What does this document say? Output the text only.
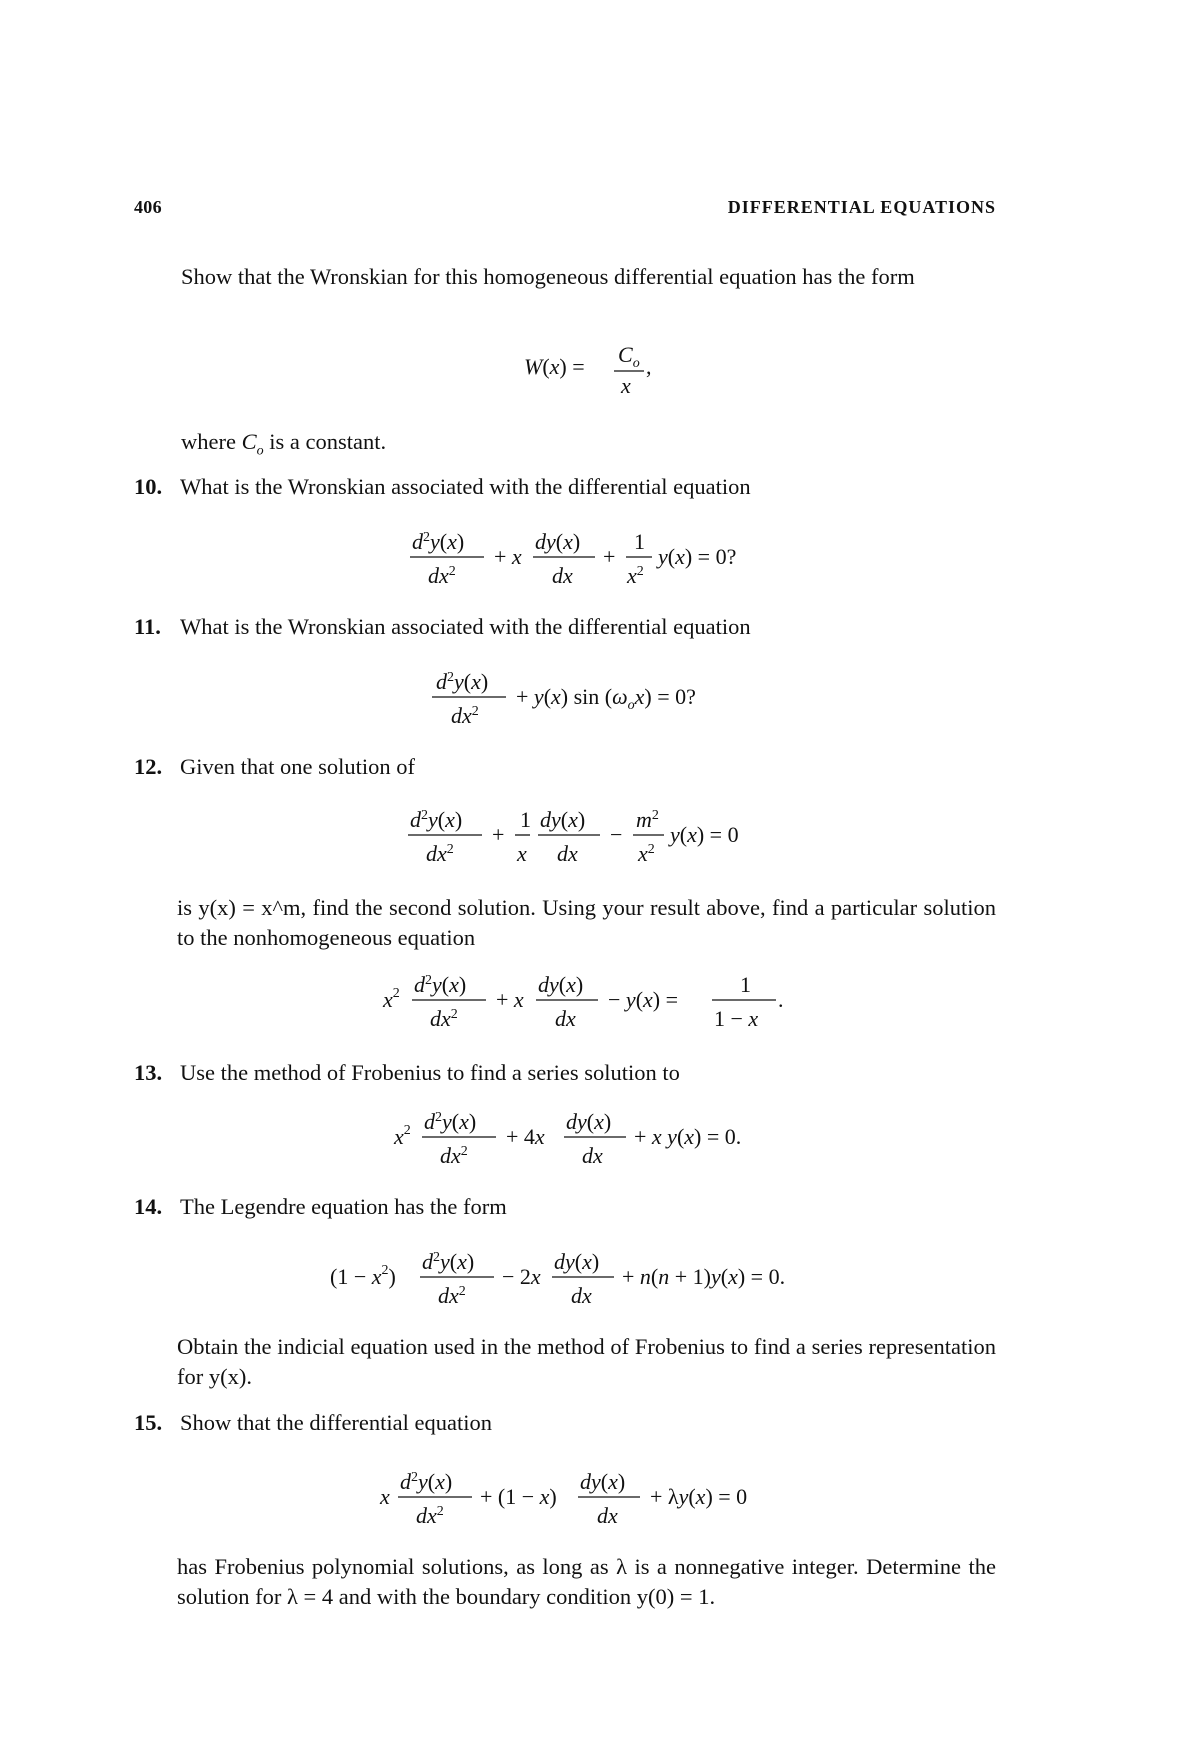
406	DIFFERENTIAL EQUATIONS
Show that the Wronskian for this homogeneous differential equation has the form
$W(x) = C_o$
x
,
where $C_o$ is a constant.
10. What is the Wronskian associated with the differential equation
$d^2y(x)$
$dx^2$
+ x
dy(x)
dx
+
1
$x^2$
y(x) = 0?
11. What is the Wronskian associated with the differential equation
$d^2y(x)$
$dx^2$
+ y(x) $\sin (\omega_ox) = 0$?
12. Given that one solution of
$d^2y(x)$
$dx^2$
+
1
x
dy(x)
dx
−
$m^2$
$x^2$
y(x) = 0
is y(x) = x^m, find the second solution. Using your result above, find a particular solution to the nonhomogeneous equation
$x^2$ $d^2y(x)$
$dx^2$
+ x
dy(x)
dx
− y(x) =
1
1 − x
.
13. Use the method of Frobenius to find a series solution to
$x^2$ $d^2y(x)$
$dx^2$
+ 4x
dy(x)
dx
+ x y(x) = 0.
14. The Legendre equation has the form
$(1 - x^2)$
$d^2y(x)$
$dx^2$
− 2x
dy(x)
dx
+ n(n + 1)y(x) = 0.
Obtain the indicial equation used in the method of Frobenius to find a series representation for y(x).
15. Show that the differential equation
x
$d^2y(x)$
$dx^2$
+ (1 − x)
dy(x)
dx
+ λy(x) = 0
has Frobenius polynomial solutions, as long as λ is a nonnegative integer. Determine the solution for λ = 4 and with the boundary condition y(0) = 1.
